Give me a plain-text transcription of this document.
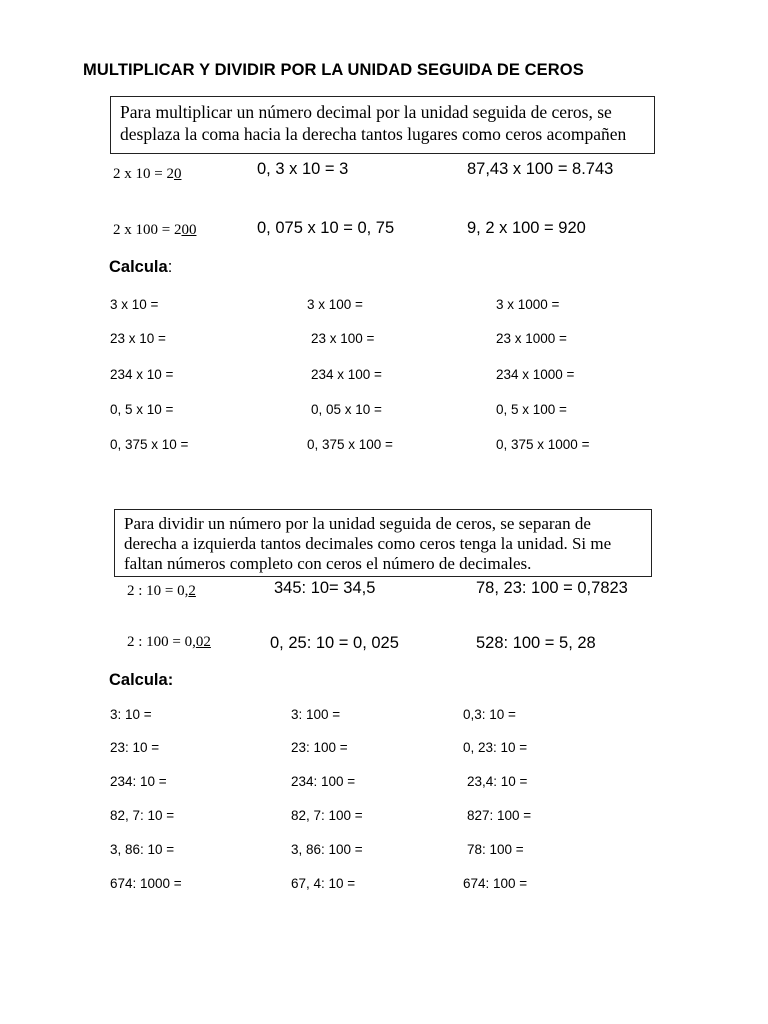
MULTIPLICAR Y DIVIDIR POR LA UNIDAD SEGUIDA DE CEROS
Para multiplicar un número decimal por la unidad seguida de ceros, se
desplaza la coma hacia la derecha tantos lugares como ceros acompañen
2 x 10 = 20	0, 3 x 10 = 3	87,43 x 100 = 8.743
2 x 100 = 200	0, 075 x 10 = 0, 75	9, 2 x 100 = 920
Calcula:
3 x 10 =	3 x 100 =	3 x 1000 =
23 x 10 =	23 x 100 =	23 x 1000 =
234 x 10 =	234 x 100 =	234 x 1000 =
0, 5 x 10 =	0, 05 x 10 =	0, 5 x 100 =
0, 375 x 10 =	0, 375 x 100 =	0, 375 x 1000 =
Para dividir un número por la unidad seguida de ceros, se separan de
derecha a izquierda tantos decimales como ceros tenga la unidad. Si me
faltan números completo con ceros el número de decimales.
2 : 10 = 0,2	345: 10= 34,5	78, 23: 100 = 0,7823
2 : 100 = 0,02	0, 25: 10 = 0, 025	528: 100 = 5, 28
Calcula:
3: 10 =	3: 100 =	0,3: 10 =
23: 10 =	23: 100 =	0, 23: 10 =
234: 10 =	234: 100 =	23,4: 10 =
82, 7: 10 =	82, 7: 100 =	827: 100 =
3, 86: 10 =	3, 86: 100 =	78: 100 =
674: 1000 =	67, 4: 10 =	674: 100 =
